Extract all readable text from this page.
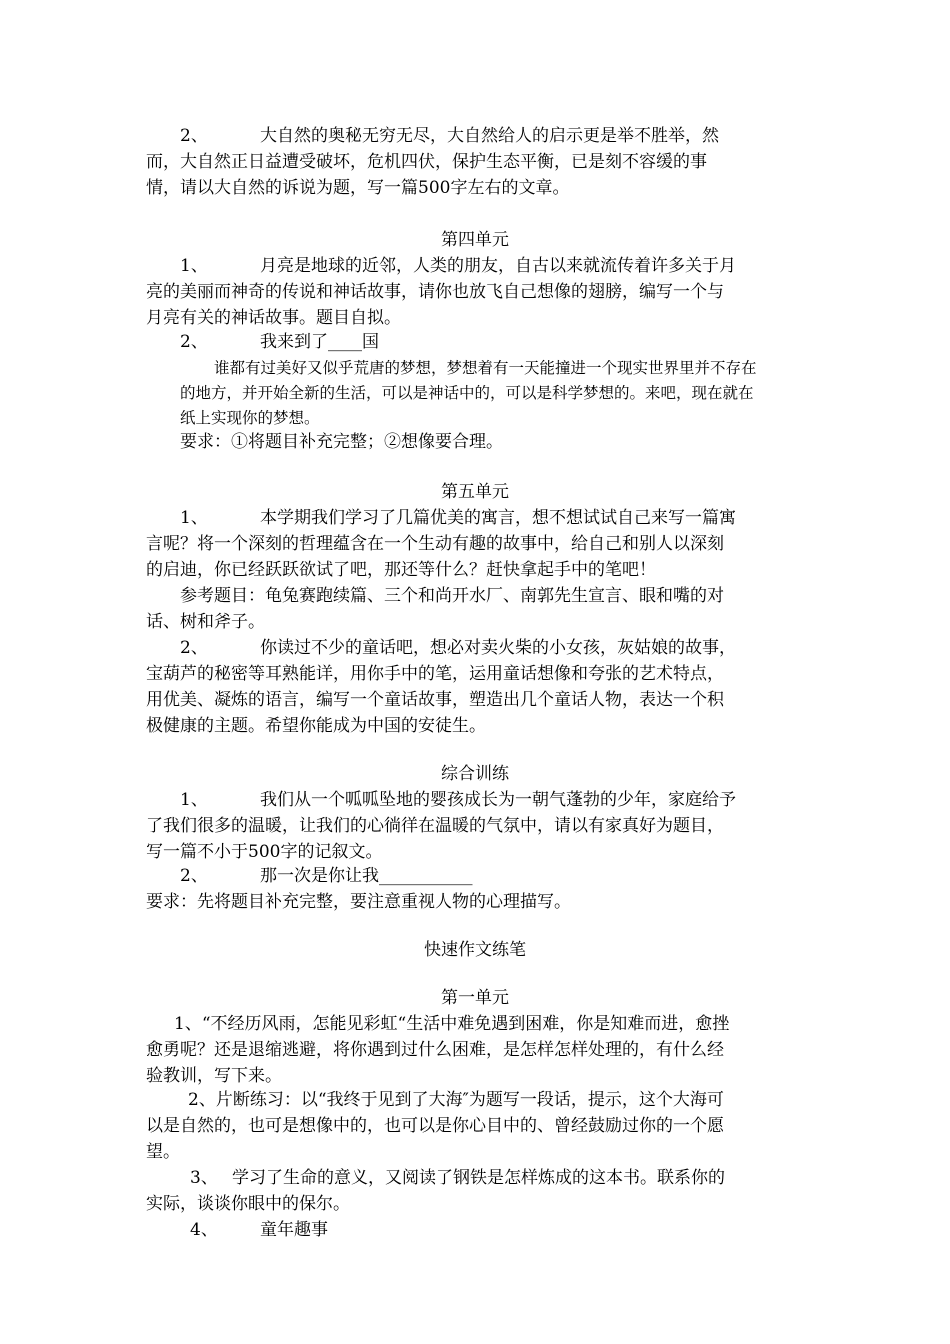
2、	大自然的奥秘无穷无尽，大自然给人的启示更是举不胜举，然
而，大自然正日益遭受破坏，危机四伏，保护生态平衡，已是刻不容缓的事
情，请以大自然的诉说为题，写一篇500字左右的文章。
第四单元
1、	月亮是地球的近邻，人类的朋友，自古以来就流传着许多关于月
亮的美丽而神奇的传说和神话故事，请你也放飞自己想像的翅膀，编写一个与
月亮有关的神话故事。题目自拟。
2、	我来到了____国
谁都有过美好又似乎荒唐的梦想，梦想着有一天能撞进一个现实世界里并不存在
的地方，并开始全新的生活，可以是神话中的，可以是科学梦想的。来吧，现在就在
纸上实现你的梦想。
要求：①将题目补充完整；②想像要合理。
第五单元
1、	本学期我们学习了几篇优美的寓言，想不想试试自己来写一篇寓
言呢？将一个深刻的哲理蕴含在一个生动有趣的故事中，给自己和别人以深刻
的启迪，你已经跃跃欲试了吧，那还等什么？赶快拿起手中的笔吧！
参考题目：龟兔赛跑续篇、三个和尚开水厂、南郭先生宣言、眼和嘴的对
话、树和斧子。
2、	你读过不少的童话吧，想必对卖火柴的小女孩，灰姑娘的故事，
宝葫芦的秘密等耳熟能详，用你手中的笔，运用童话想像和夸张的艺术特点，
用优美、凝炼的语言，编写一个童话故事，塑造出几个童话人物，表达一个积
极健康的主题。希望你能成为中国的安徒生。
综合训练
1、	我们从一个呱呱坠地的婴孩成长为一朝气蓬勃的少年，家庭给予
了我们很多的温暖，让我们的心徜徉在温暖的气氛中，请以有家真好为题目，
写一篇不小于500字的记叙文。
2、	那一次是你让我___________
要求：先将题目补充完整，要注意重视人物的心理描写。
快速作文练笔
第一单元
1、“不经历风雨，怎能见彩虹“生活中难免遇到困难，你是知难而进，愈挫
愈勇呢？还是退缩逃避，将你遇到过什么困难，是怎样怎样处理的，有什么经
验教训，写下来。
2、片断练习：以“我终于见到了大海″为题写一段话，提示，这个大海可
以是自然的，也可是想像中的，也可以是你心目中的、曾经鼓励过你的一个愿
望。
3、 学习了生命的意义，又阅读了钢铁是怎样炼成的这本书。联系你的
实际，谈谈你眼中的保尔。
4、 童年趣事
